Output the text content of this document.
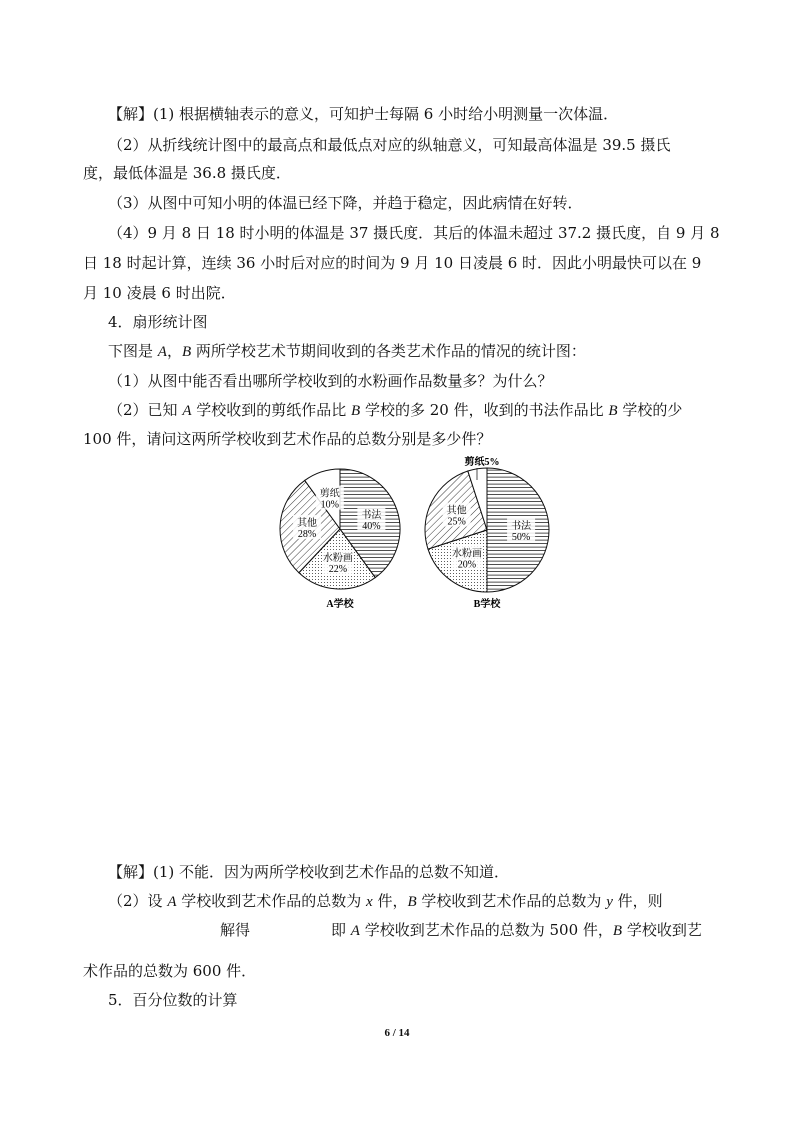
【解】(1) 根据横轴表示的意义，可知护士每隔 6 小时给小明测量一次体温．
（2）从折线统计图中的最高点和最低点对应的纵轴意义，可知最高体温是 39.5 摄氏
度，最低体温是 36.8 摄氏度．
（3）从图中可知小明的体温已经下降，并趋于稳定，因此病情在好转．
（4）9 月 8 日 18 时小明的体温是 37 摄氏度．其后的体温未超过 37.2 摄氏度，自 9 月 8
日 18 时起计算，连续 36 小时后对应的时间为 9 月 10 日凌晨 6 时．因此小明最快可以在 9
月 10 凌晨 6 时出院．
4．扇形统计图
下图是 A，B 两所学校艺术节期间收到的各类艺术作品的情况的统计图：
（1）从图中能否看出哪所学校收到的水粉画作品数量多？为什么？
（2）已知 A 学校收到的剪纸作品比 B 学校的多 20 件，收到的书法作品比 B 学校的少
100 件，请问这两所学校收到艺术作品的总数分别是多少件？
书法
40%
水粉画
22%
其他
28%
剪纸
10%
书法
50%
水粉画
20%
其他
25%
A学校	B学校
剪纸5%
【解】(1) 不能．因为两所学校收到艺术作品的总数不知道．
（2）设 A 学校收到艺术作品的总数为 x 件，B 学校收到艺术作品的总数为 y 件，则
解得	即 A 学校收到艺术作品的总数为 500 件，B 学校收到艺
术作品的总数为 600 件．
5．百分位数的计算
6 / 14
